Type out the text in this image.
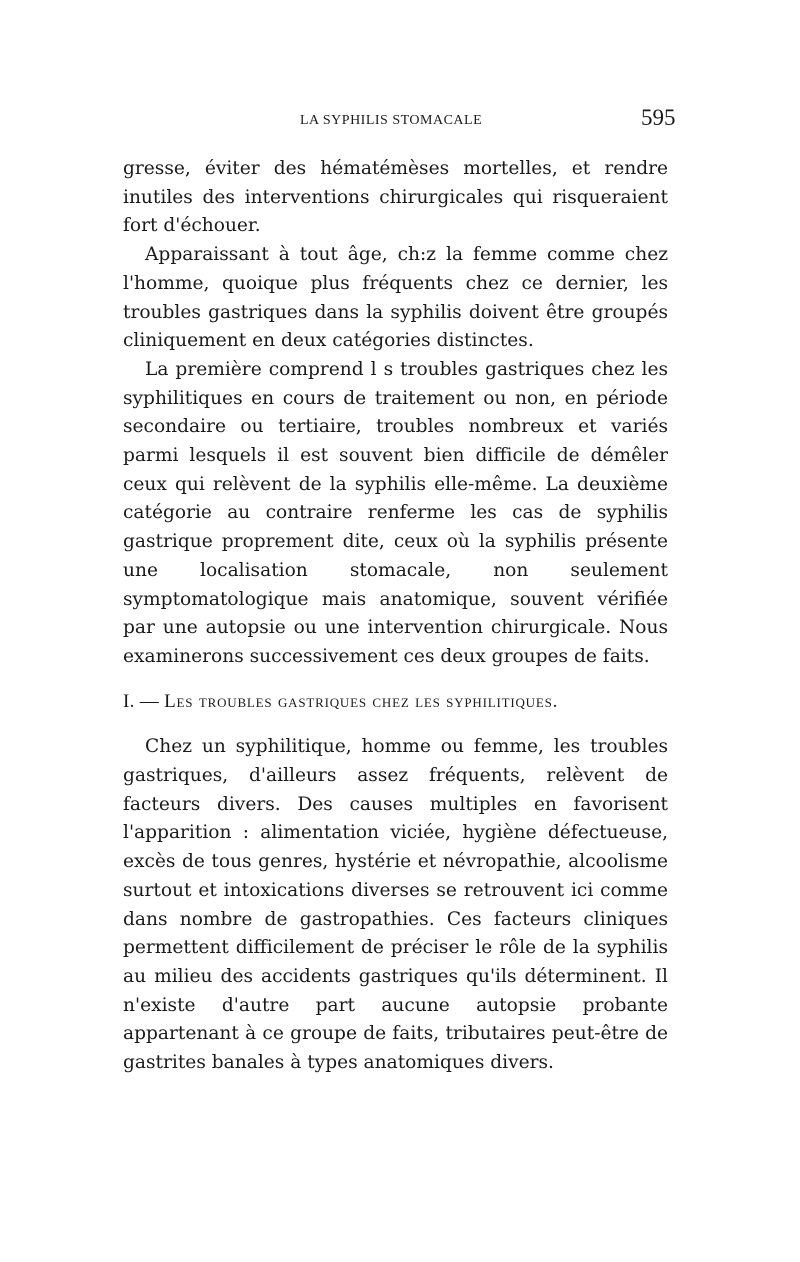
LA SYPHILIS STOMACALE	595

gresse, éviter des hématémèses mortelles, et rendre inutiles des interventions chirurgicales qui risqueraient fort d'échouer.

Apparaissant à tout âge, ch:z la femme comme chez l'homme, quoique plus fréquents chez ce dernier, les troubles gastriques dans la syphilis doivent être groupés cliniquement en deux catégories distinctes.

La première comprend l s troubles gastriques chez les syphilitiques en cours de traitement ou non, en période secondaire ou tertiaire, troubles nombreux et variés parmi lesquels il est souvent bien difficile de démêler ceux qui relèvent de la syphilis elle-même. La deuxième catégorie au contraire renferme les cas de syphilis gastrique proprement dite, ceux où la syphilis présente une localisation stomacale, non seulement symptomatologique mais anatomique, souvent vérifiée par une autopsie ou une intervention chirurgicale. Nous examinerons successivement ces deux groupes de faits.

I. — Les troubles gastriques chez les syphilitiques.

Chez un syphilitique, homme ou femme, les troubles gastriques, d'ailleurs assez fréquents, relèvent de facteurs divers. Des causes multiples en favorisent l'apparition : alimentation viciée, hygiène défectueuse, excès de tous genres, hystérie et névropathie, alcoolisme surtout et intoxications diverses se retrouvent ici comme dans nombre de gastropathies. Ces facteurs cliniques permettent difficilement de préciser le rôle de la syphilis au milieu des accidents gastriques qu'ils déterminent. Il n'existe d'autre part aucune autopsie probante appartenant à ce groupe de faits, tributaires peut-être de gastrites banales à types anatomiques divers.
